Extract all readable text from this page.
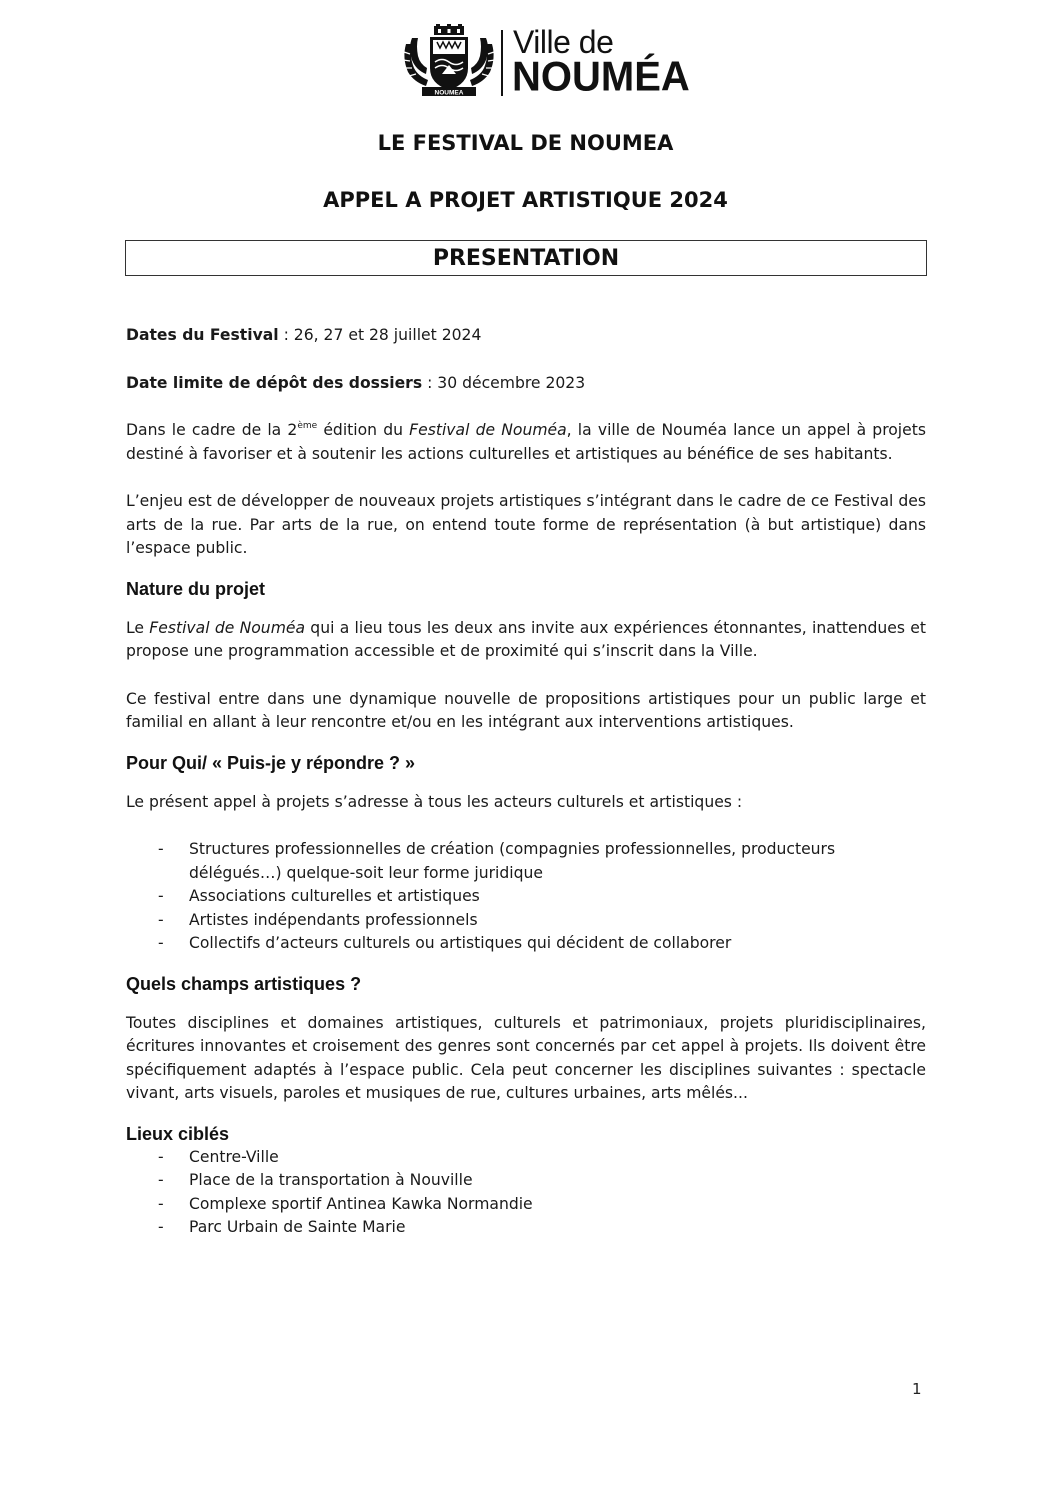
NOUMEA
Ville de
NOUMÉA
LE FESTIVAL DE NOUMEA
APPEL A PROJET ARTISTIQUE 2024
PRESENTATION

Dates du Festival : 26, 27 et 28 juillet 2024

Date limite de dépôt des dossiers : 30 décembre 2023

Dans le cadre de la 2ème édition du Festival de Nouméa, la ville de Nouméa lance un appel à projets destiné à favoriser et à soutenir les actions culturelles et artistiques au bénéfice de ses habitants.

L’enjeu est de développer de nouveaux projets artistiques s’intégrant dans le cadre de ce Festival des arts de la rue. Par arts de la rue, on entend toute forme de représentation (à but artistique) dans l’espace public.

Nature du projet

Le Festival de Nouméa qui a lieu tous les deux ans invite aux expériences étonnantes, inattendues et propose une programmation accessible et de proximité qui s’inscrit dans la Ville.

Ce festival entre dans une dynamique nouvelle de propositions artistiques pour un public large et familial en allant à leur rencontre et/ou en les intégrant aux interventions artistiques.

Pour Qui/ « Puis-je y répondre ? »

Le présent appel à projets s’adresse à tous les acteurs culturels et artistiques :

- Structures professionnelles de création (compagnies professionnelles, producteurs délégués…) quelque-soit leur forme juridique
- Associations culturelles et artistiques
- Artistes indépendants professionnels
- Collectifs d’acteurs culturels ou artistiques qui décident de collaborer

Quels champs artistiques ?

Toutes disciplines et domaines artistiques, culturels et patrimoniaux, projets pluridisciplinaires, écritures innovantes et croisement des genres sont concernés par cet appel à projets. Ils doivent être spécifiquement adaptés à l’espace public. Cela peut concerner les disciplines suivantes : spectacle vivant, arts visuels, paroles et musiques de rue, cultures urbaines, arts mêlés...

Lieux ciblés

- Centre-Ville
- Place de la transportation à Nouville
- Complexe sportif Antinea Kawka Normandie
- Parc Urbain de Sainte Marie
1
